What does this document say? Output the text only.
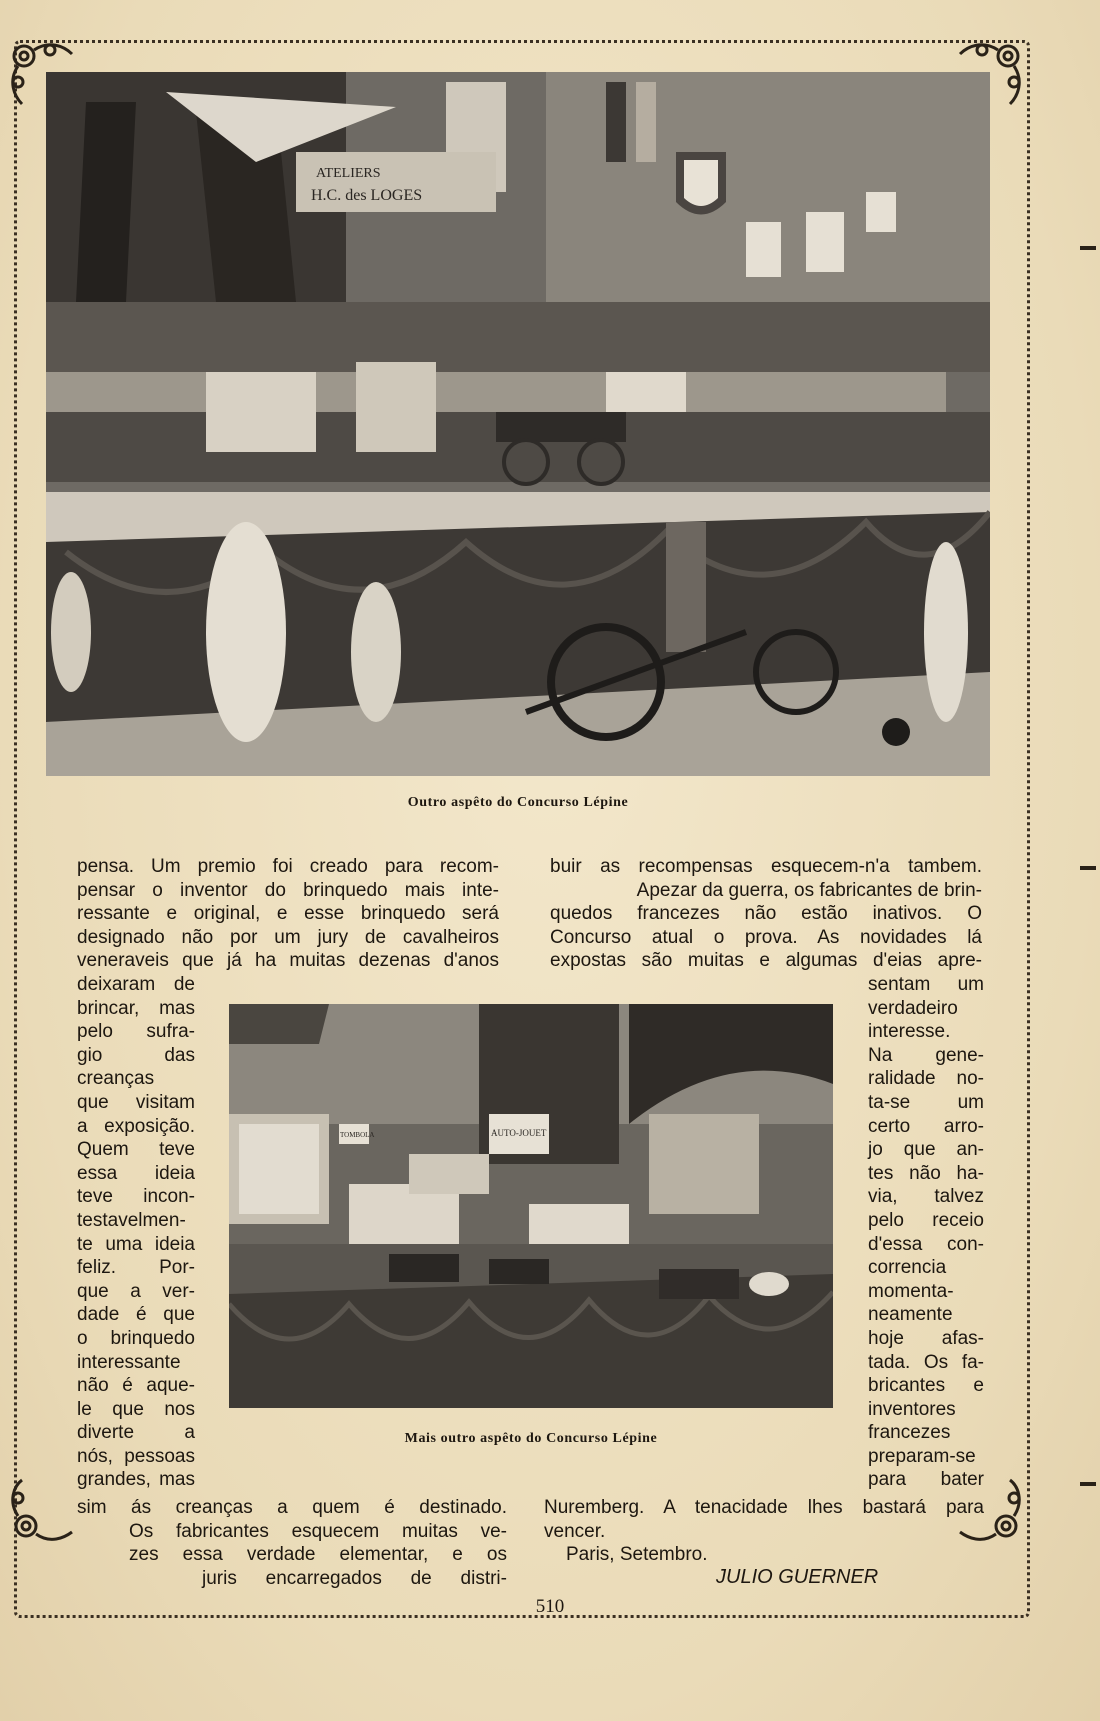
ATELIERS
H.C. des LOGES
Outro aspêto do Concurso Lépine
pensa. Um premio foi creado para recom-
pensar o inventor do brinquedo mais inte-
ressante e original, e esse brinquedo será
designado não por um jury de cavalheiros
veneraveis que já ha muitas dezenas d'anos
buir as recompensas esquecem-n'a tambem.
Apezar da guerra, os fabricantes de brin-
quedos francezes não estão inativos. O
Concurso atual o prova. As novidades lá
expostas são muitas e algumas d'eias apre-
deixaram de
brincar, mas
pelo sufra-
gio das
creanças
que visitam
a exposição.
Quem teve
essa ideia
teve incon-
testavelmen-
te uma ideia
feliz. Por-
que a ver-
dade é que
o brinquedo
interessante
não é aque-
le que nos
diverte a
nós, pessoas
grandes, mas
sentam um
verdadeiro
interesse.
Na gene-
ralidade no-
ta-se um
certo arro-
jo que an-
tes não ha-
via, talvez
pelo receio
d'essa con-
correncia
momenta-
neamente
hoje afas-
tada. Os fa-
bricantes e
inventores
francezes
preparam-se
para bater
AUTO-JOUET
TOMBOLA
Mais outro aspêto do Concurso Lépine
sim ás creanças a quem é destinado.
Os fabricantes esquecem muitas ve-
zes essa verdade elementar, e os
juris encarregados de distri-
Nuremberg. A tenacidade lhes bastará para
vencer.
Paris, Setembro.
JULIO GUERNER
510
